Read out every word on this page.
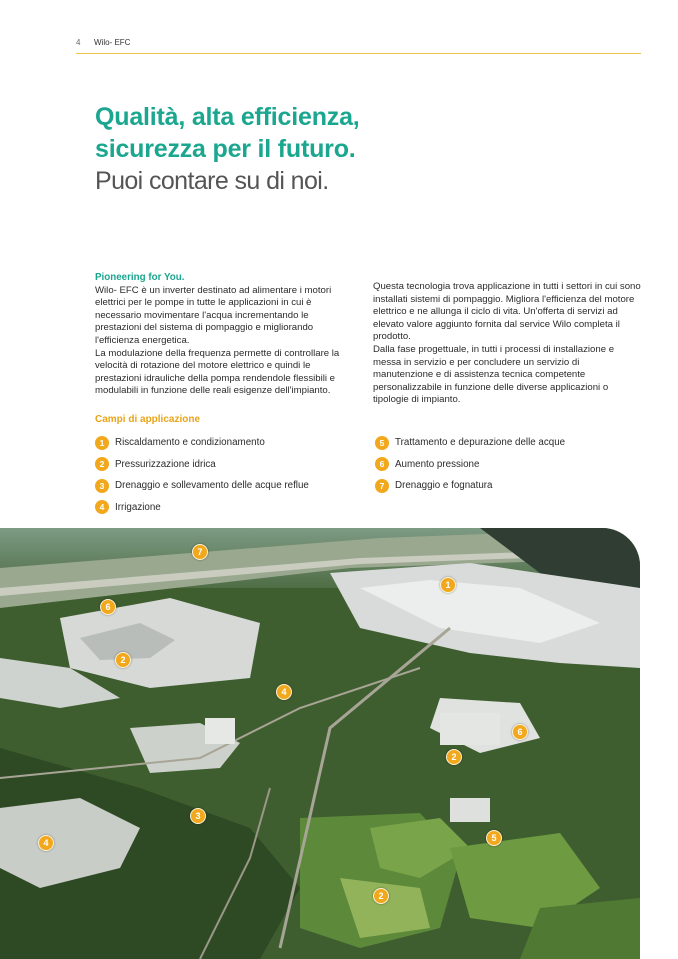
4 Wilo- EFC
Qualità, alta efficienza,
sicurezza per il futuro.
Puoi contare su di noi.

Pioneering for You.

Wilo- EFC è un inverter destinato ad alimentare i motori elettrici per le pompe in tutte le applicazioni in cui è necessario movimentare l'acqua incrementando le prestazioni del sistema di pompaggio e migliorando l'efficienza energetica.

La modulazione della frequenza permette di controllare la velocità di rotazione del motore elettrico e quindi le prestazioni idrauliche della pompa rendendole flessibili e modulabili in funzione delle reali esigenze dell'impianto.

Questa tecnologia trova applicazione in tutti i settori in cui sono installati sistemi di pompaggio. Migliora l'efficienza del motore elettrico e ne allunga il ciclo di vita. Un'offerta di servizi ad elevato valore aggiunto fornita dal service Wilo completa il prodotto.

Dalla fase progettuale, in tutti i processi di installazione e messa in servizio e per concludere un servizio di manutenzione e di assistenza tecnica competente personalizzabile in funzione delle diverse applicazioni o tipologie di impianto.

Campi di applicazione
1	Riscaldamento e condizionamento
2	Pressurizzazione idrica
3	Drenaggio e sollevamento delle acque reflue
4	Irrigazione
5	Trattamento e depurazione delle acque
6	Aumento pressione
7	Drenaggio e fognatura
7
6
1
2
4
6
2
3
5
4
2
